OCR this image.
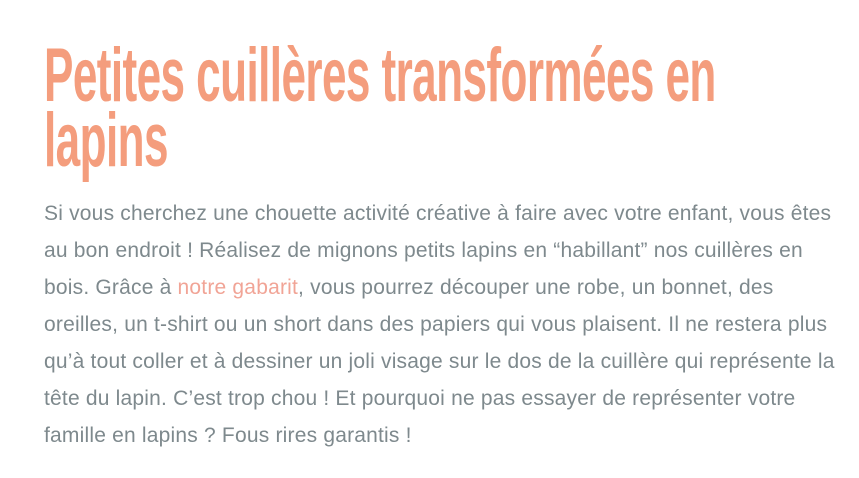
Petites cuillères transformées en
lapins

Si vous cherchez une chouette activité créative à faire avec votre enfant, vous êtes au bon endroit ! Réalisez de mignons petits lapins en “habillant” nos cuillères en bois. Grâce à notre gabarit, vous pourrez découper une robe, un bonnet, des oreilles, un t-shirt ou un short dans des papiers qui vous plaisent. Il ne restera plus qu’à tout coller et à dessiner un joli visage sur le dos de la cuillère qui représente la tête du lapin. C’est trop chou ! Et pourquoi ne pas essayer de représenter votre famille en lapins ? Fous rires garantis !
